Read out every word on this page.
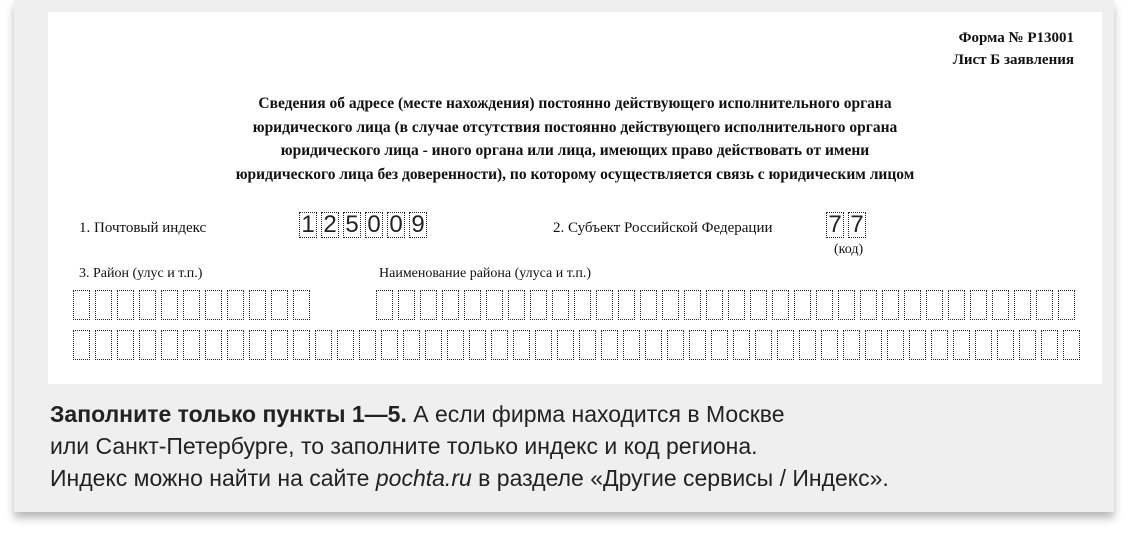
Форма № Р13001
Лист Б заявления
Сведения об адресе (месте нахождения) постоянно действующего исполнительного органа
юридического лица (в случае отсутствия постоянно действующего исполнительного органа
юридического лица - иного органа или лица, имеющих право действовать от имени
юридического лица без доверенности), по которому осуществляется связь с юридическим лицом
1. Почтовый индекс	1 2 5 0 0 9	2. Субъект Российской Федерации 7 7
(код)
3. Район (улус и т.п.)	Наименование района (улуса и т.п.)
Заполните только пункты 1—5. А если фирма находится в Москве
или Санкт-Петербурге, то заполните только индекс и код региона.
Индекс можно найти на сайте pochta.ru в разделе «Другие сервисы / Индекс».
